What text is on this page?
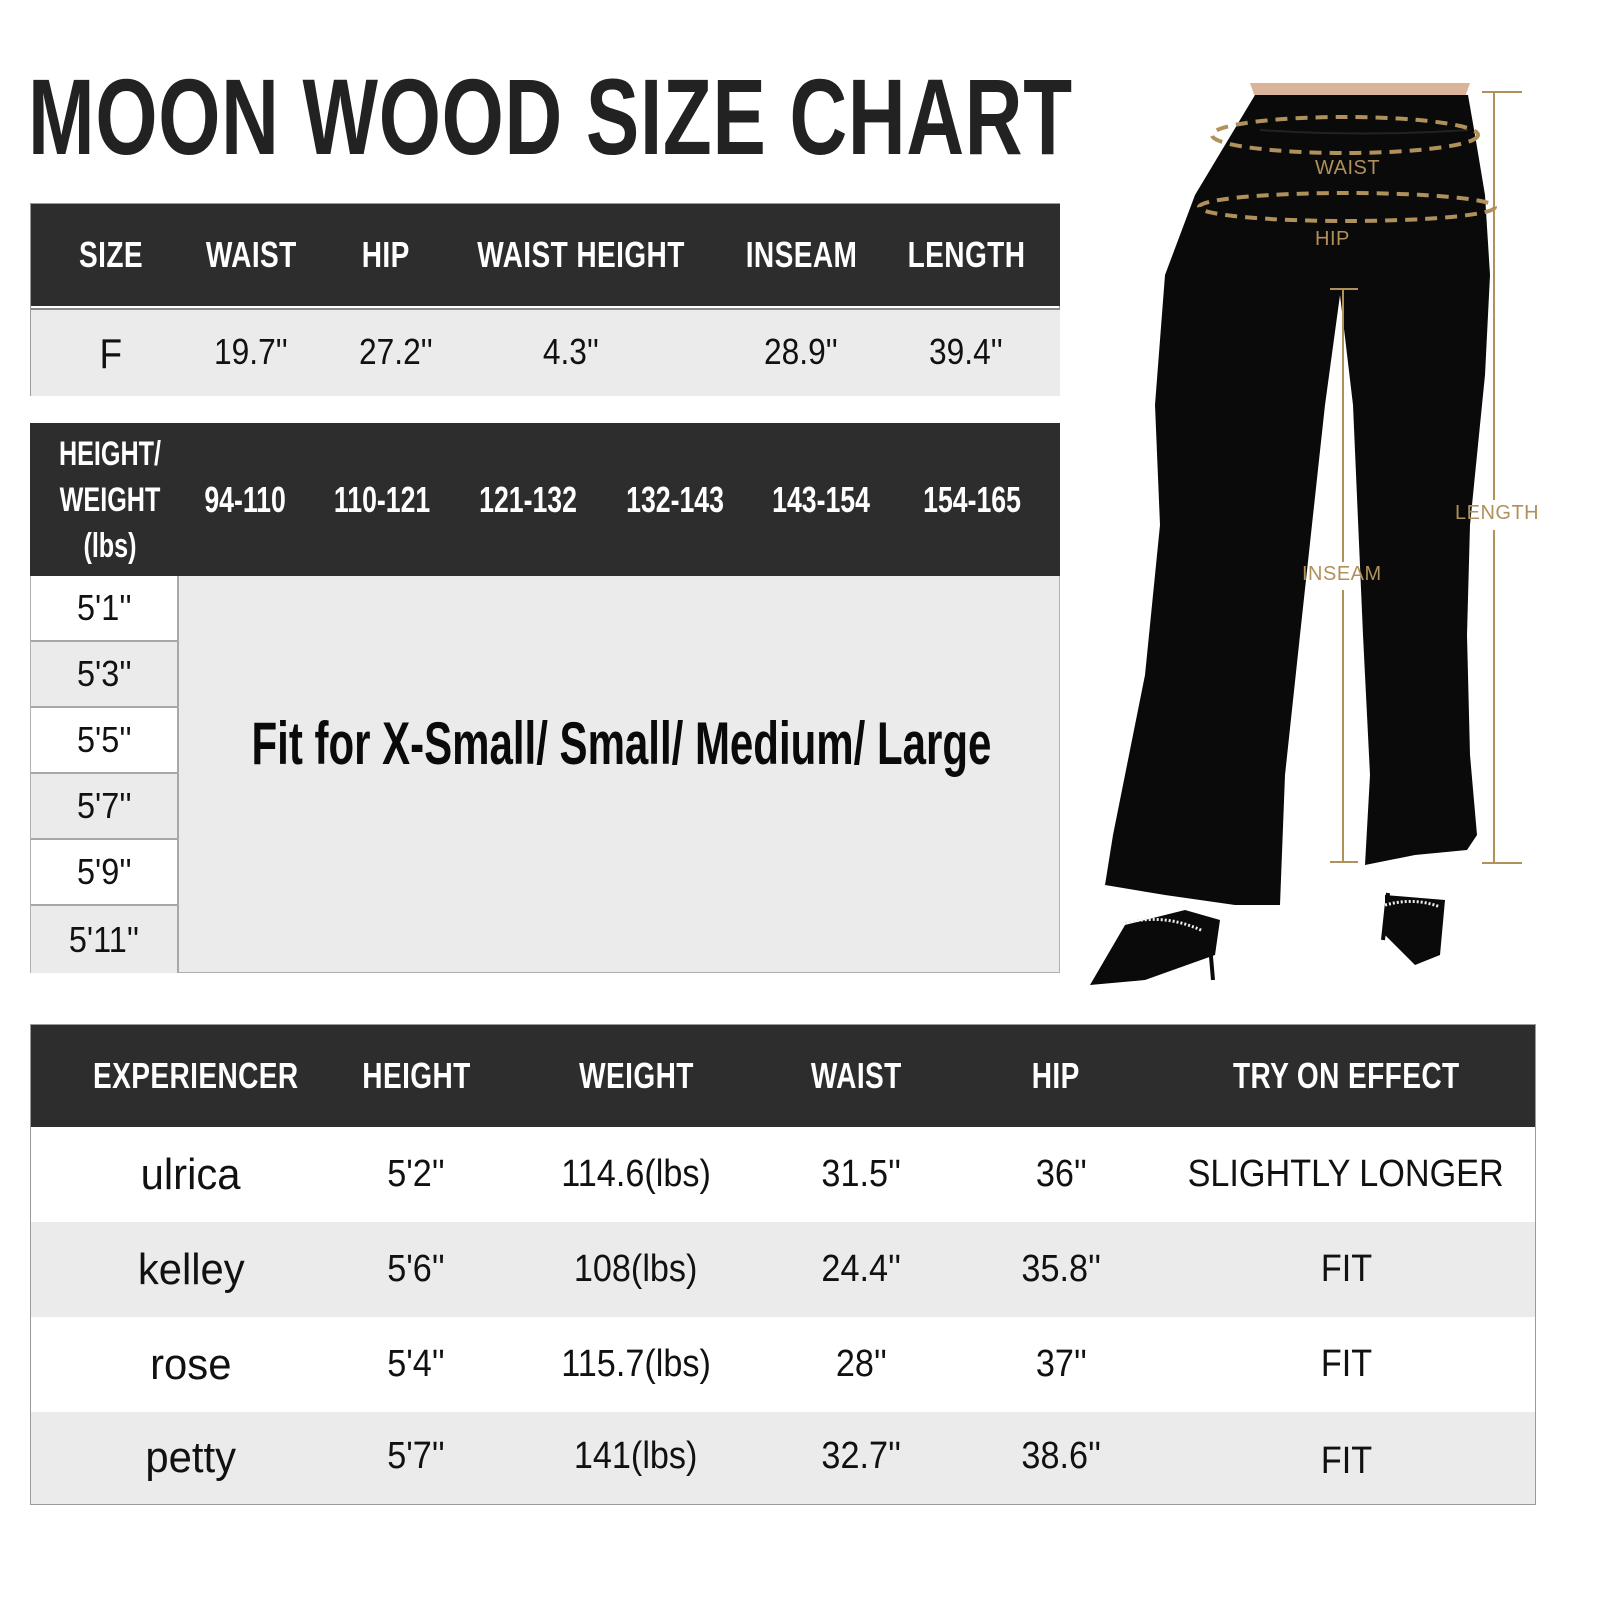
MOON WOOD SIZE CHART
SIZE WAIST HIP WAIST HEIGHT INSEAM LENGTH
F	19.7'' 27.2''	4.3''	28.9''	39.4''
HEIGHT/
WEIGHT
(lbs)
94-110 110-121 121-132 132-143 143-154 154-165
5'1''
5'3''
5'5''
5'7''
5'9''
5'11''
Fit for X-Small/ Small/ Medium/ Large
WAIST
HIP
INSEAM
LENGTH
EXPERIENCER HEIGHT	WEIGHT	WAIST	HIP	TRY ON EFFECT
ulrica	5'2''	114.6(lbs)	31.5''	36''	SLIGHTLY LONGER
kelley	5'6''	108(lbs)	24.4''	35.8''	FIT
rose	5'4''	115.7(lbs)	28''	37''	FIT
petty	5'7''	141(lbs)	32.7''	38.6''	FIT
